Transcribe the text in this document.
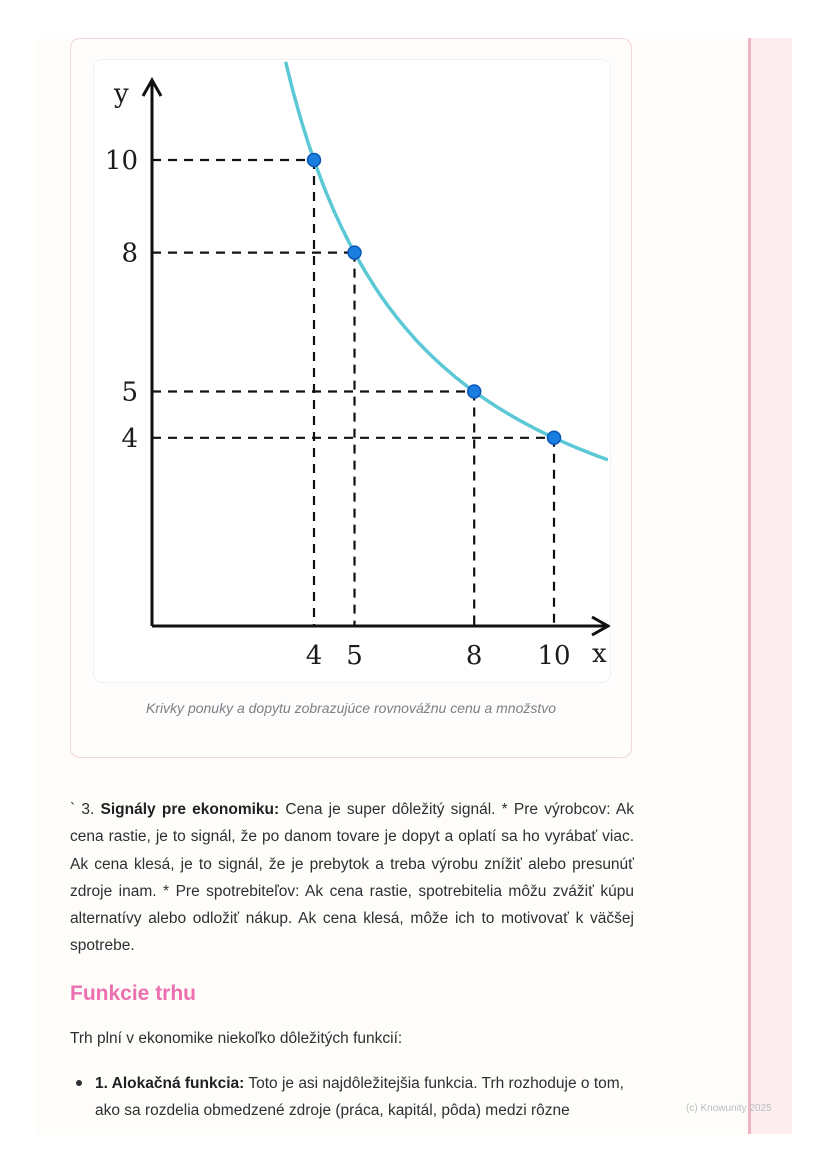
y
x
10
4
8
5
5
8
4
10
Krivky ponuky a dopytu zobrazujúce rovnovážnu cenu a množstvo
` 3. Signály pre ekonomiku: Cena je super dôležitý signál. * Pre výrobcov: Ak cena rastie, je to signál, že po danom tovare je dopyt a oplatí sa ho vyrábať viac. Ak cena klesá, je to signál, že je prebytok a treba výrobu znížiť alebo presunúť zdroje inam. * Pre spotrebiteľov: Ak cena rastie, spotrebitelia môžu zvážiť kúpu alternatívy alebo odložiť nákup. Ak cena klesá, môže ich to motivovať k väčšej spotrebe.
Funkcie trhu
Trh plní v ekonomike niekoľko dôležitých funkcií:
1. Alokačná funkcia: Toto je asi najdôležitejšia funkcia. Trh rozhoduje o tom, ako sa rozdelia obmedzené zdroje (práca, kapitál, pôda) medzi rôzne	(c) Knowunity 2025
